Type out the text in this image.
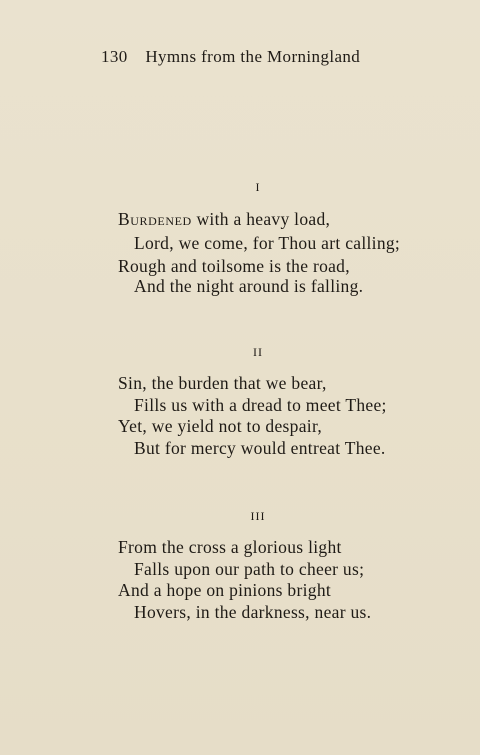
130 Hymns from the Morningland
I
Burdened with a heavy load,
Lord, we come, for Thou art calling;
Rough and toilsome is the road,
And the night around is falling.
II
Sin, the burden that we bear,
Fills us with a dread to meet Thee;
Yet, we yield not to despair,
But for mercy would entreat Thee.
III
From the cross a glorious light
Falls upon our path to cheer us;
And a hope on pinions bright
Hovers, in the darkness, near us.
